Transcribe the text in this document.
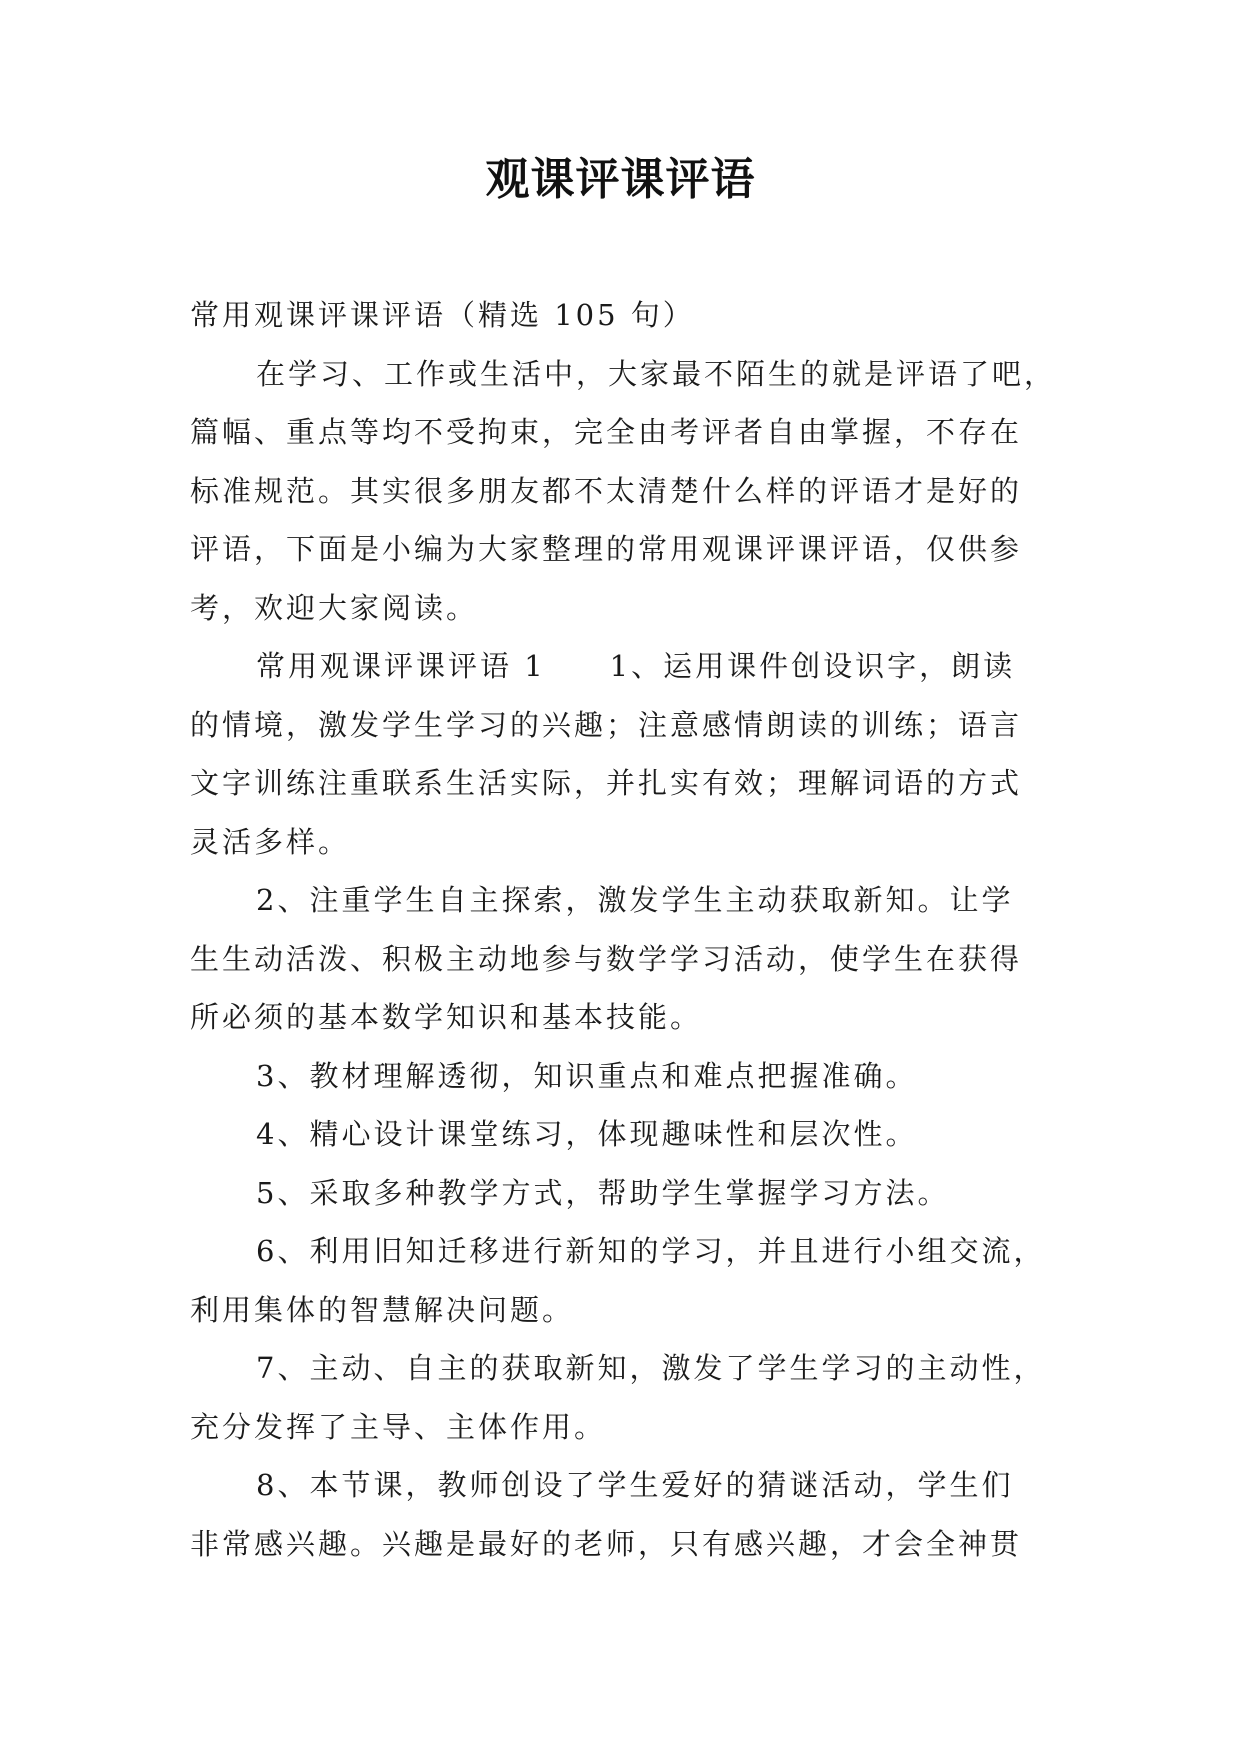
观课评课评语

常用观课评课评语（精选 105 句）

在学习、工作或生活中，大家最不陌生的就是评语了吧，

篇幅、重点等均不受拘束，完全由考评者自由掌握，不存在

标准规范。其实很多朋友都不太清楚什么样的评语才是好的

评语，下面是小编为大家整理的常用观课评课评语，仅供参

考，欢迎大家阅读。

常用观课评课评语 1　　1、运用课件创设识字，朗读

的情境，激发学生学习的兴趣；注意感情朗读的训练；语言

文字训练注重联系生活实际，并扎实有效；理解词语的方式

灵活多样。

2、注重学生自主探索，激发学生主动获取新知。让学

生生动活泼、积极主动地参与数学学习活动，使学生在获得

所必须的基本数学知识和基本技能。

3、教材理解透彻，知识重点和难点把握准确。

4、精心设计课堂练习，体现趣味性和层次性。

5、采取多种教学方式，帮助学生掌握学习方法。

6、利用旧知迁移进行新知的学习，并且进行小组交流，

利用集体的智慧解决问题。

7、主动、自主的获取新知，激发了学生学习的主动性，

充分发挥了主导、主体作用。

8、本节课，教师创设了学生爱好的猜谜活动，学生们

非常感兴趣。兴趣是最好的老师，只有感兴趣，才会全神贯
